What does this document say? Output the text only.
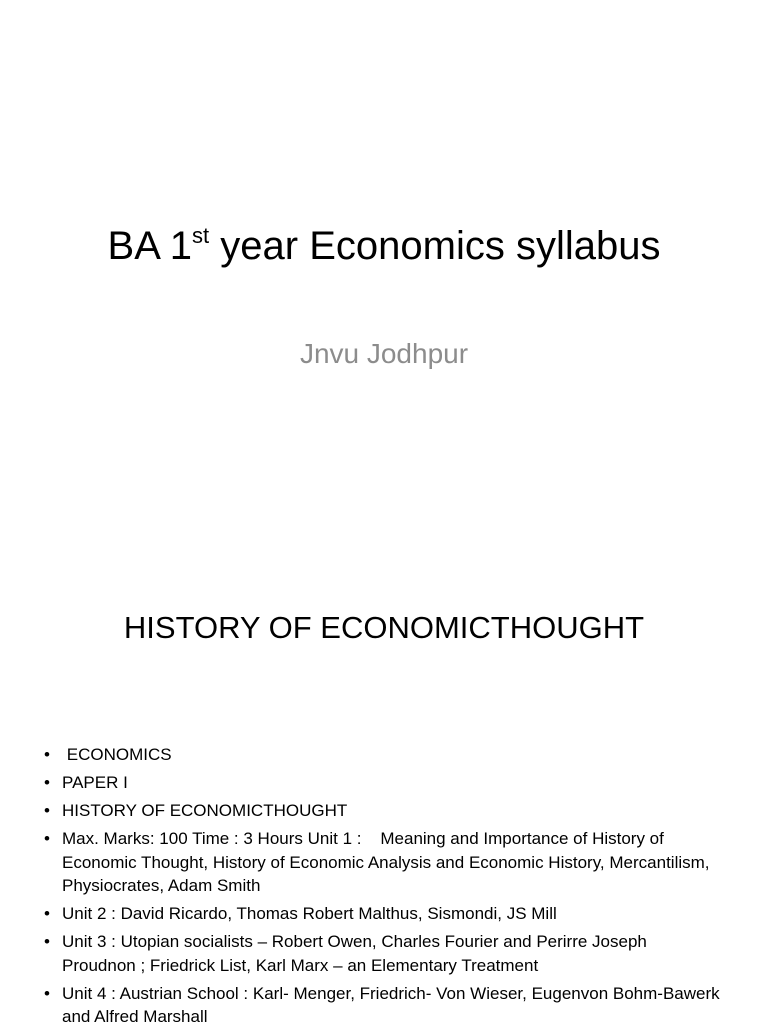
BA 1st year Economics syllabus
Jnvu Jodhpur
HISTORY OF ECONOMICTHOUGHT
• ECONOMICS
• PAPER I
• HISTORY OF ECONOMICTHOUGHT
• Max. Marks: 100 Time : 3 Hours Unit 1 :    Meaning and Importance of History of Economic Thought, History of Economic Analysis and Economic History, Mercantilism, Physiocrates, Adam Smith
• Unit 2 : David Ricardo, Thomas Robert Malthus, Sismondi, JS Mill
• Unit 3 : Utopian socialists – Robert Owen, Charles Fourier and Perirre Joseph Proudnon ; Friedrick List, Karl Marx – an Elementary Treatment
• Unit 4 : Austrian School : Karl- Menger, Friedrich- Von Wieser, Eugenvon Bohm-Bawerk and Alfred Marshall
